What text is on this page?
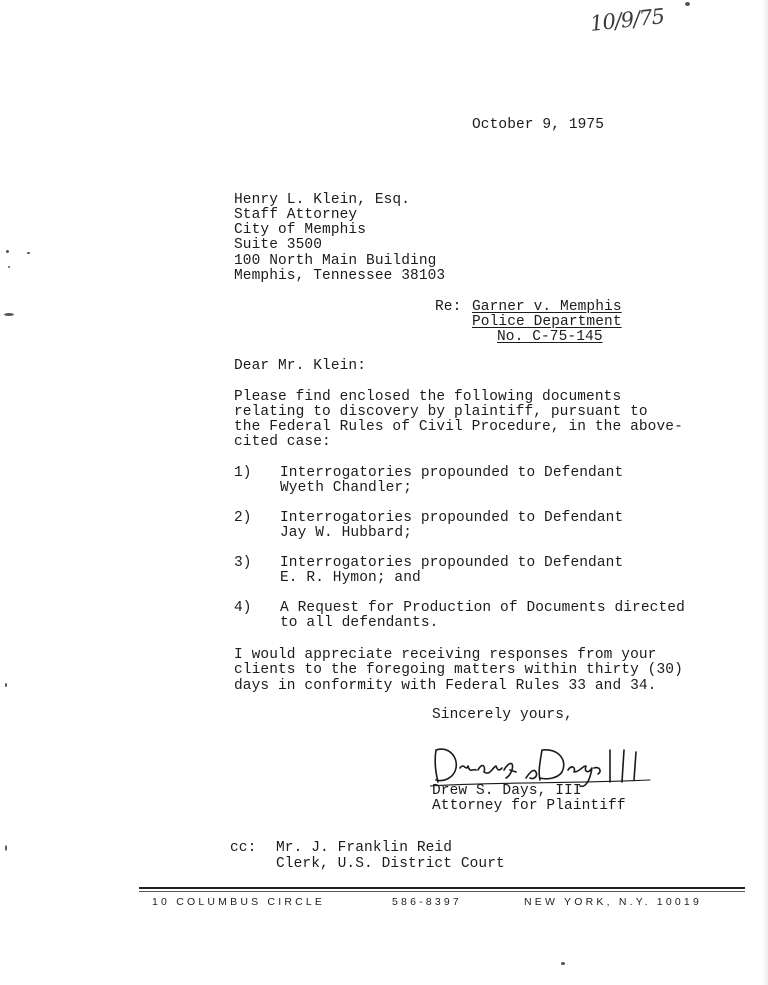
10/9/75
October 9, 1975
Henry L. Klein, Esq.
Staff Attorney
City of Memphis
Suite 3500
100 North Main Building
Memphis, Tennessee 38103
Re: Garner v. Memphis
Police Department
No. C-75-145
Dear Mr. Klein:
Please find enclosed the following documents
relating to discovery by plaintiff, pursuant to
the Federal Rules of Civil Procedure, in the above-
cited case:
1) Interrogatories propounded to Defendant
Wyeth Chandler;
2) Interrogatories propounded to Defendant
Jay W. Hubbard;
3) Interrogatories propounded to Defendant
E. R. Hymon; and
4) A Request for Production of Documents directed
to all defendants.
I would appreciate receiving responses from your
clients to the foregoing matters within thirty (30)
days in conformity with Federal Rules 33 and 34.
Sincerely yours,
Drew S. Days, III
Attorney for Plaintiff
cc: Mr. J. Franklin Reid
Clerk, U.S. District Court
10 COLUMBUS CIRCLE	586-8397	NEW YORK, N.Y. 10019
